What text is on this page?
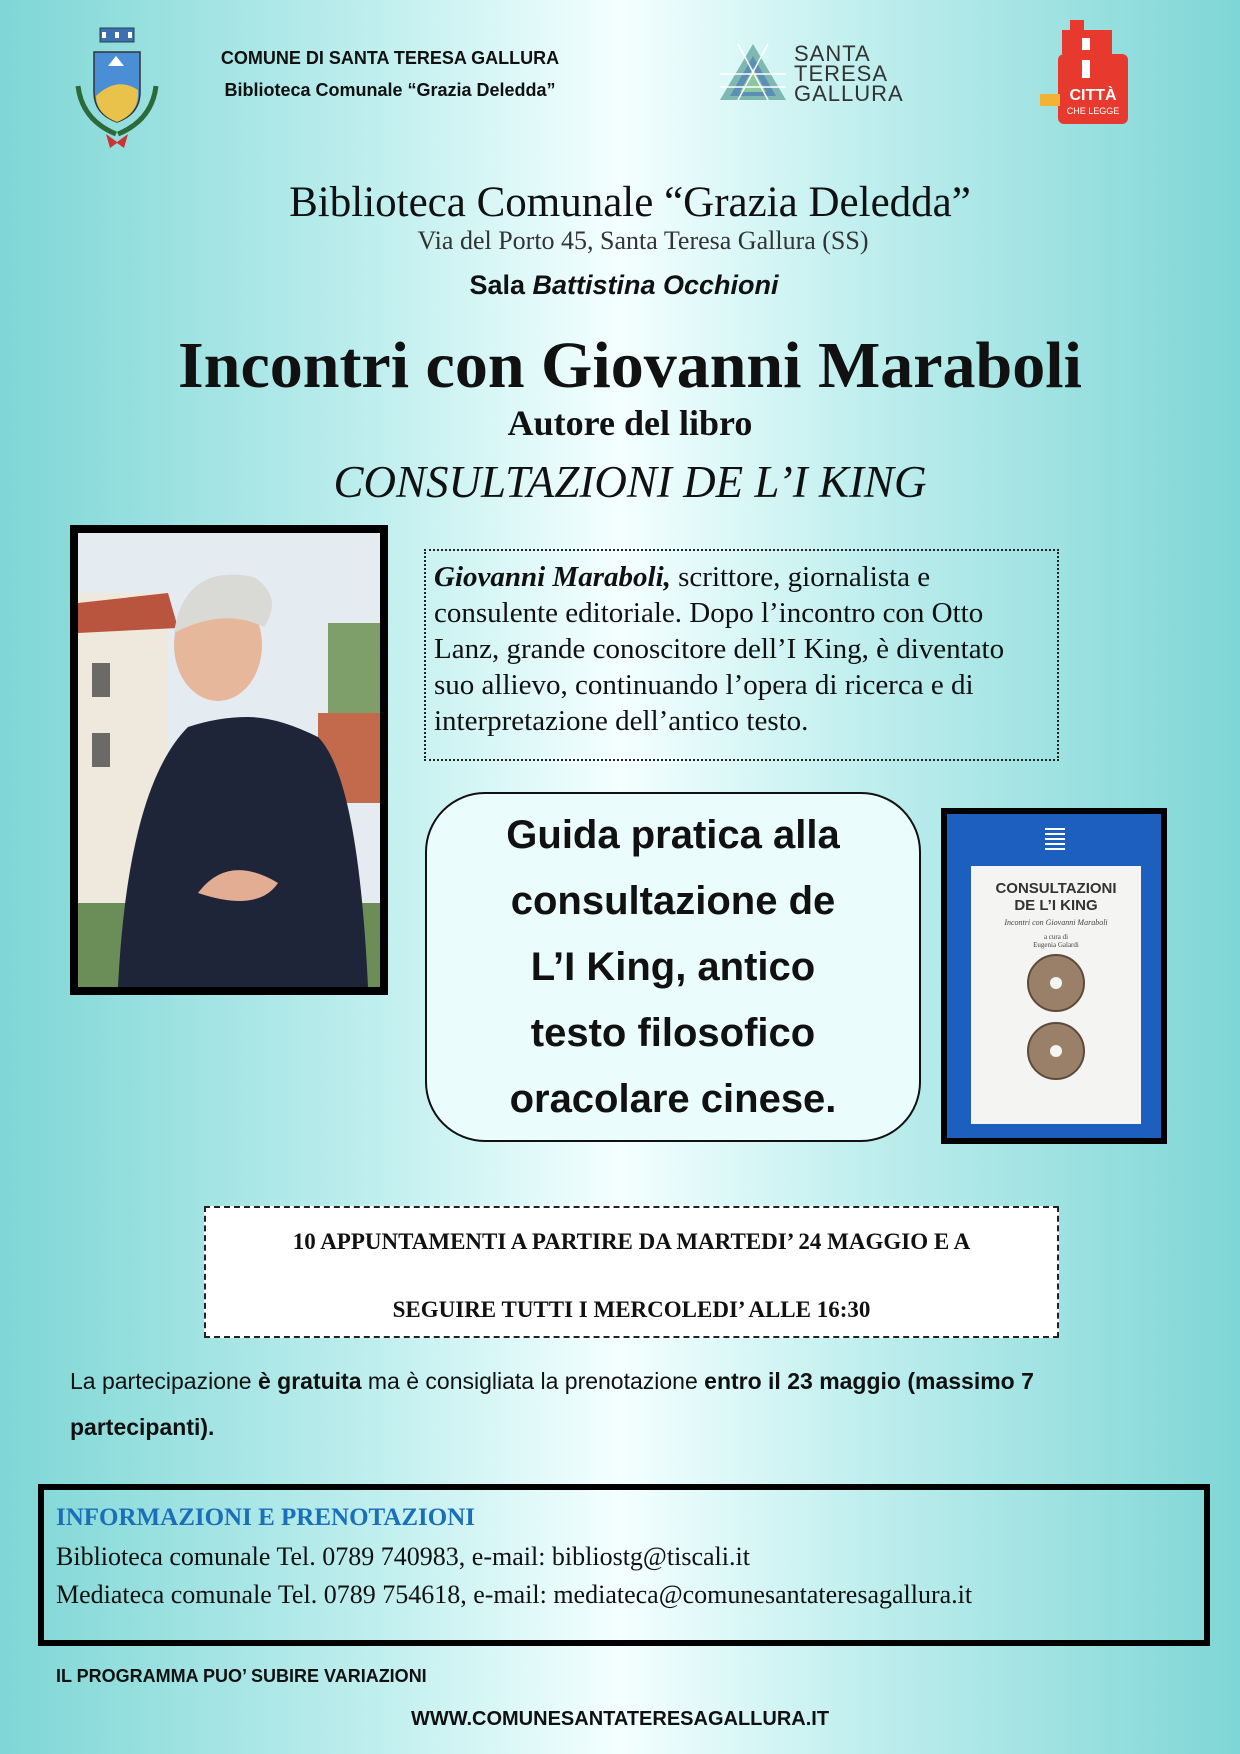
COMUNE DI SANTA TERESA GALLURA
Biblioteca Comunale “Grazia Deledda”
SANTA
TERESA
GALLURA	CITTÀ
CHE LEGGE
Biblioteca Comunale “Grazia Deledda”
Via del Porto 45, Santa Teresa Gallura (SS)
Sala Battistina Occhioni
Incontri con Giovanni Maraboli
Autore del libro
CONSULTAZIONI DE L’I KING
Giovanni Maraboli, scrittore, giornalista e consulente editoriale. Dopo l’incontro con Otto Lanz, grande conoscitore dell’I King, è diventato suo allievo, continuando l’opera di ricerca e di interpretazione dell’antico testo.
Guida pratica alla
consultazione de
L’I King, antico
testo filosofico
oracolare cinese.
CONSULTAZIONI
DE L’I KING
Incontri con Giovanni Maraboli
a cura di
Eugenia Galardi
10 APPUNTAMENTI A PARTIRE DA MARTEDI’ 24 MAGGIO E A
SEGUIRE TUTTI I MERCOLEDI’ ALLE 16:30
La partecipazione è gratuita ma è consigliata la prenotazione entro il 23 maggio (massimo 7 partecipanti).
INFORMAZIONI E PRENOTAZIONI
Biblioteca comunale Tel. 0789 740983, e-mail: bibliostg@tiscali.it
Mediateca comunale Tel. 0789 754618, e-mail: mediateca@comunesantateresagallura.it
IL PROGRAMMA PUO’ SUBIRE VARIAZIONI
WWW.COMUNESANTATERESAGALLURA.IT
